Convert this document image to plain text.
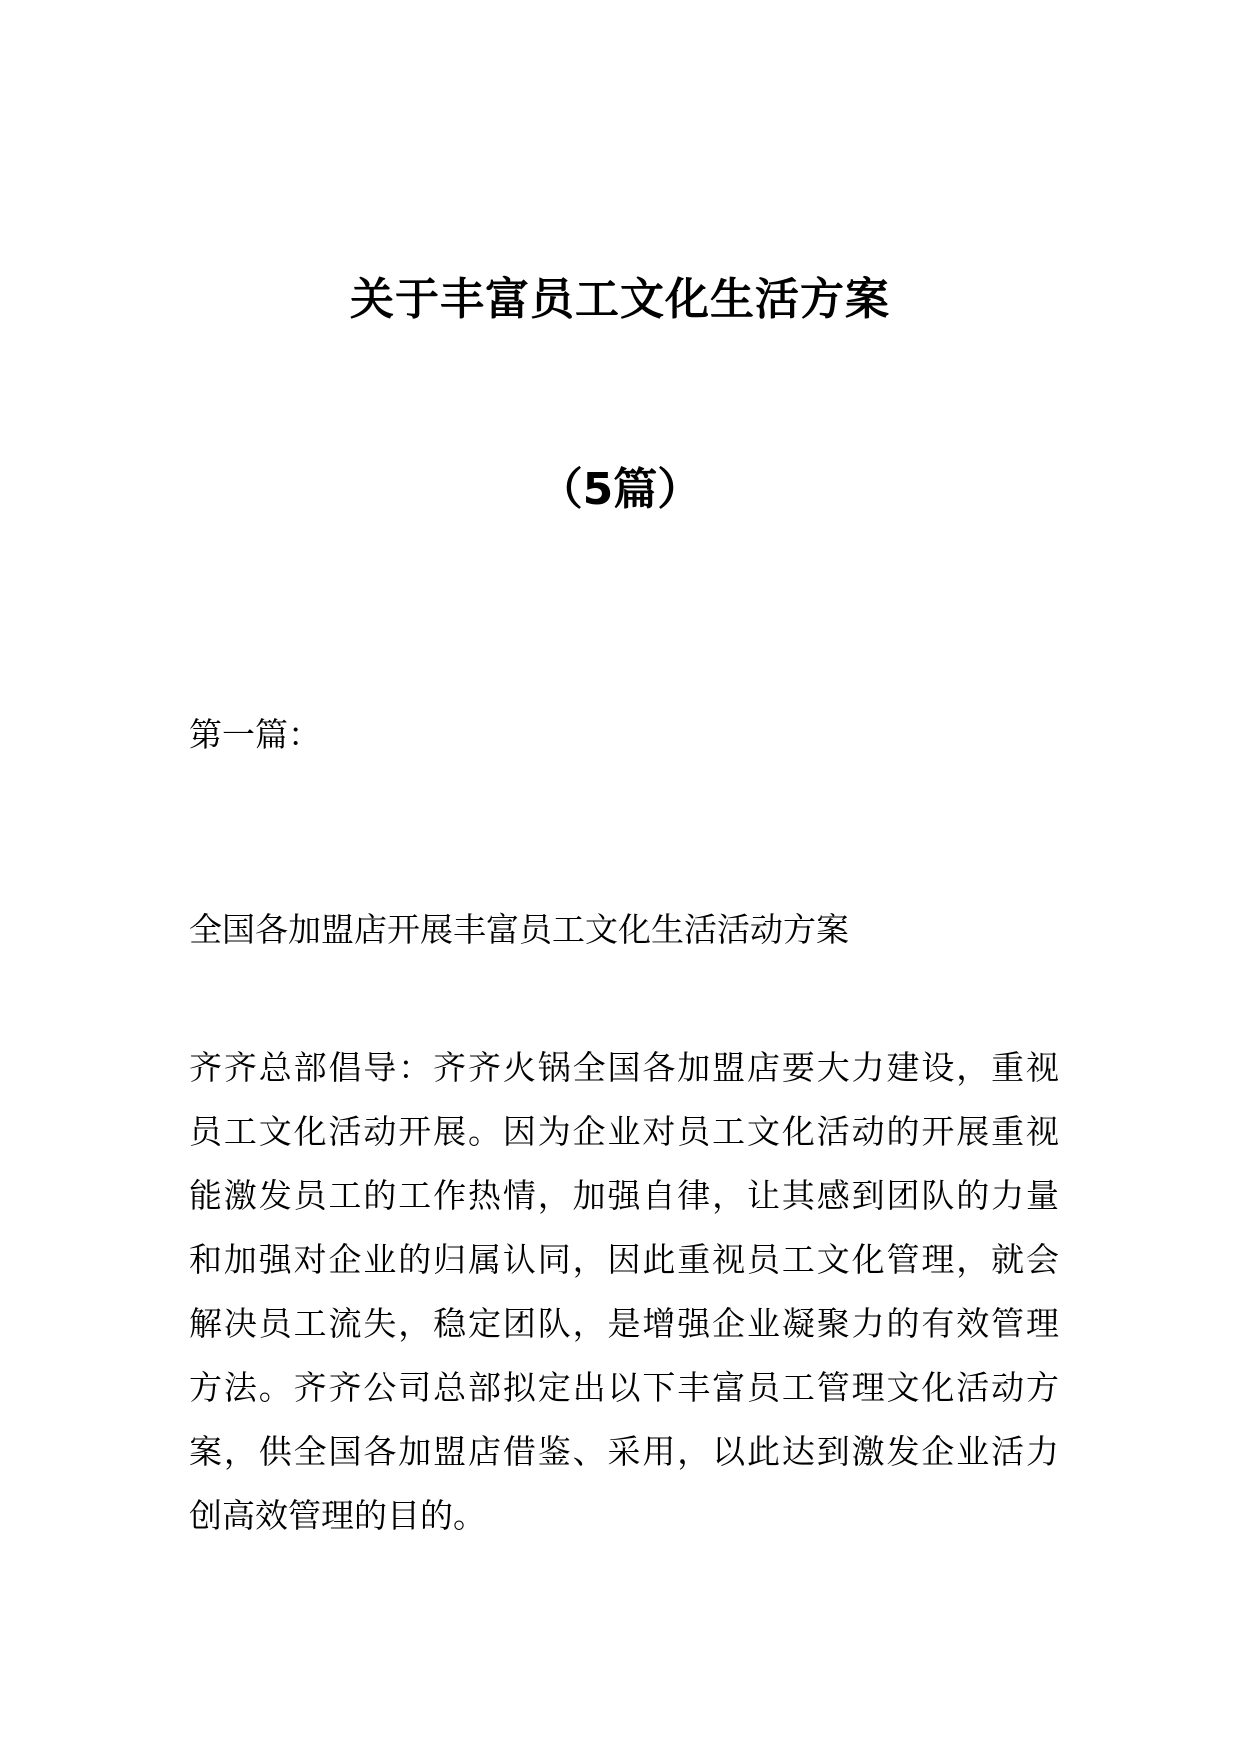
关于丰富员工文化生活方案
（5篇）
第一篇：
全国各加盟店开展丰富员工文化生活活动方案
齐齐总部倡导：齐齐火锅全国各加盟店要大力建设，重视
员工文化活动开展。因为企业对员工文化活动的开展重视
能激发员工的工作热情，加强自律，让其感到团队的力量
和加强对企业的归属认同，因此重视员工文化管理，就会
解决员工流失，稳定团队，是增强企业凝聚力的有效管理
方法。齐齐公司总部拟定出以下丰富员工管理文化活动方
案，供全国各加盟店借鉴、采用，以此达到激发企业活力
创高效管理的目的。
